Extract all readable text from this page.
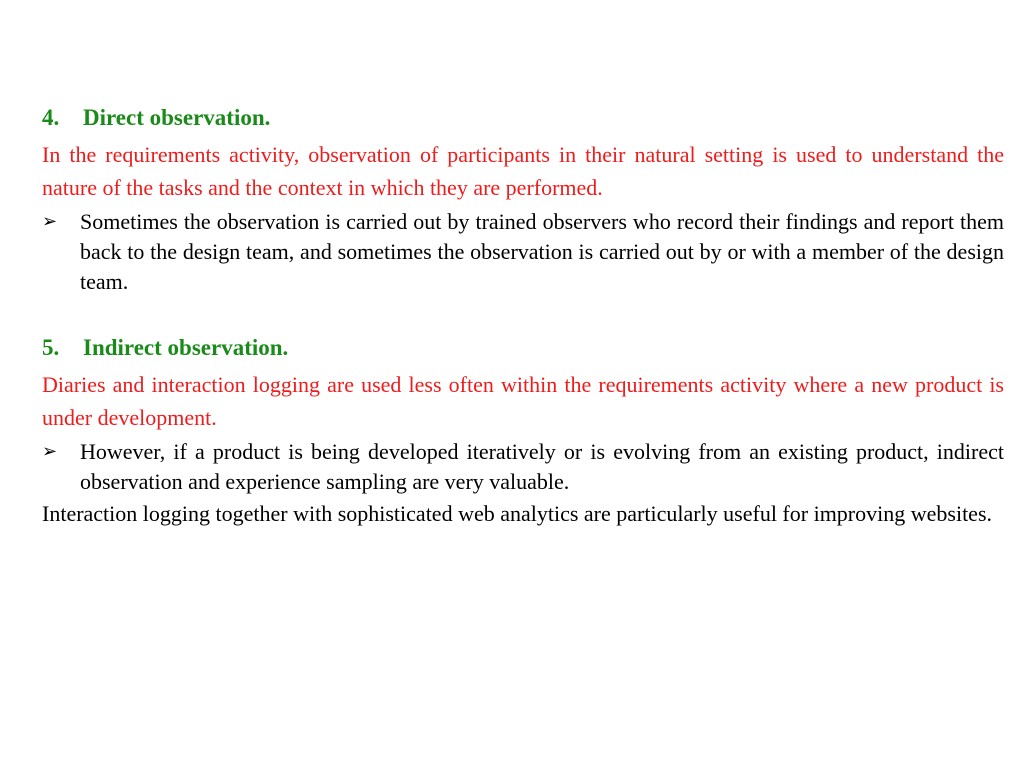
4. Direct observation.
In the requirements activity, observation of participants in their natural setting is used to understand the nature of the tasks and the context in which they are performed.
➢ Sometimes the observation is carried out by trained observers who record their findings and report them back to the design team, and sometimes the observation is carried out by or with a member of the design team.
5. Indirect observation.
Diaries and interaction logging are used less often within the requirements activity where a new product is under development.
➢ However, if a product is being developed iteratively or is evolving from an existing product, indirect observation and experience sampling are very valuable.
Interaction logging together with sophisticated web analytics are particularly useful for improving websites.
